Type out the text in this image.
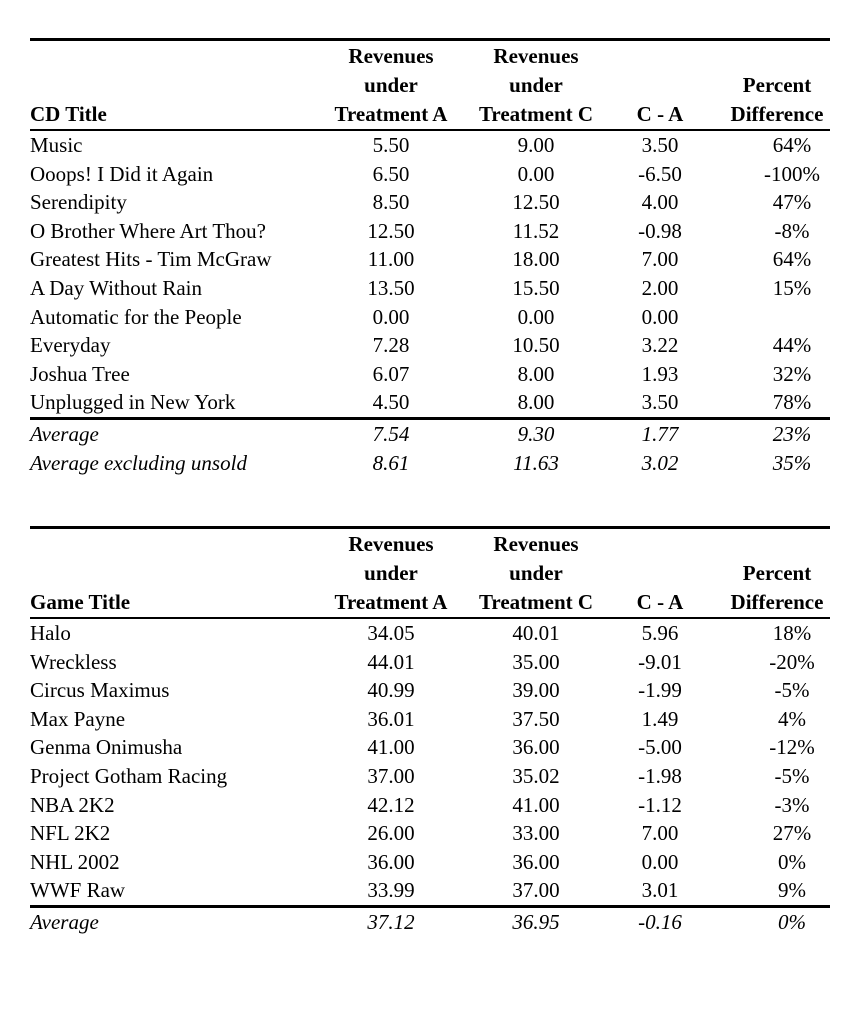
	Revenues	Revenues		
	under	under		Percent
CD Title	Treatment A	Treatment C	C - A	Difference
Music	5.50	9.00	3.50	64%
Ooops! I Did it Again	6.50	0.00	-6.50	-100%
Serendipity	8.50	12.50	4.00	47%
O Brother Where Art Thou?	12.50	11.52	-0.98	-8%
Greatest Hits - Tim McGraw	11.00	18.00	7.00	64%
A Day Without Rain	13.50	15.50	2.00	15%
Automatic for the People	0.00	0.00	0.00	
Everyday	7.28	10.50	3.22	44%
Joshua Tree	6.07	8.00	1.93	32%
Unplugged in New York	4.50	8.00	3.50	78%
Average	7.54	9.30	1.77	23%
Average excluding unsold	8.61	11.63	3.02	35%
	Revenues	Revenues		
	under	under		Percent
Game Title	Treatment A	Treatment C	C - A	Difference
Halo	34.05	40.01	5.96	18%
Wreckless	44.01	35.00	-9.01	-20%
Circus Maximus	40.99	39.00	-1.99	-5%
Max Payne	36.01	37.50	1.49	4%
Genma Onimusha	41.00	36.00	-5.00	-12%
Project Gotham Racing	37.00	35.02	-1.98	-5%
NBA 2K2	42.12	41.00	-1.12	-3%
NFL 2K2	26.00	33.00	7.00	27%
NHL 2002	36.00	36.00	0.00	0%
WWF Raw	33.99	37.00	3.01	9%
Average	37.12	36.95	-0.16	0%
